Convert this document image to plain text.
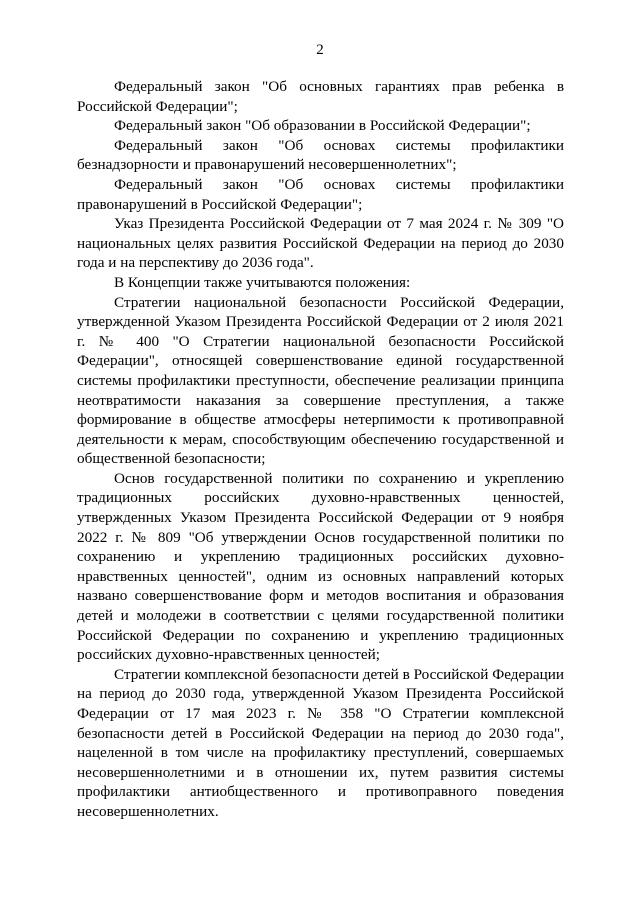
2

Федеральный закон "Об основных гарантиях прав ребенка в Российской Федерации";

Федеральный закон "Об образовании в Российской Федерации";

Федеральный закон "Об основах системы профилактики безнадзорности и правонарушений несовершеннолетних";

Федеральный закон "Об основах системы профилактики правонарушений в Российской Федерации";

Указ Президента Российской Федерации от 7 мая 2024 г. № 309 "О национальных целях развития Российской Федерации на период до 2030 года и на перспективу до 2036 года".

В Концепции также учитываются положения:

Стратегии национальной безопасности Российской Федерации, утвержденной Указом Президента Российской Федерации от 2 июля 2021 г. № 400 "О Стратегии национальной безопасности Российской Федерации", относящей совершенствование единой государственной системы профилактики преступности, обеспечение реализации принципа неотвратимости наказания за совершение преступления, а также формирование в обществе атмосферы нетерпимости к противоправной деятельности к мерам, способствующим обеспечению государственной и общественной безопасности;

Основ государственной политики по сохранению и укреплению традиционных российских духовно-нравственных ценностей, утвержденных Указом Президента Российской Федерации от 9 ноября 2022 г. № 809 "Об утверждении Основ государственной политики по сохранению и укреплению традиционных российских духовно-нравственных ценностей", одним из основных направлений которых названо совершенствование форм и методов воспитания и образования детей и молодежи в соответствии с целями государственной политики Российской Федерации по сохранению и укреплению традиционных российских духовно-нравственных ценностей;

Стратегии комплексной безопасности детей в Российской Федерации на период до 2030 года, утвержденной Указом Президента Российской Федерации от 17 мая 2023 г. № 358 "О Стратегии комплексной безопасности детей в Российской Федерации на период до 2030 года", нацеленной в том числе на профилактику преступлений, совершаемых несовершеннолетними и в отношении их, путем развития системы профилактики антиобщественного и противоправного поведения несовершеннолетних.
